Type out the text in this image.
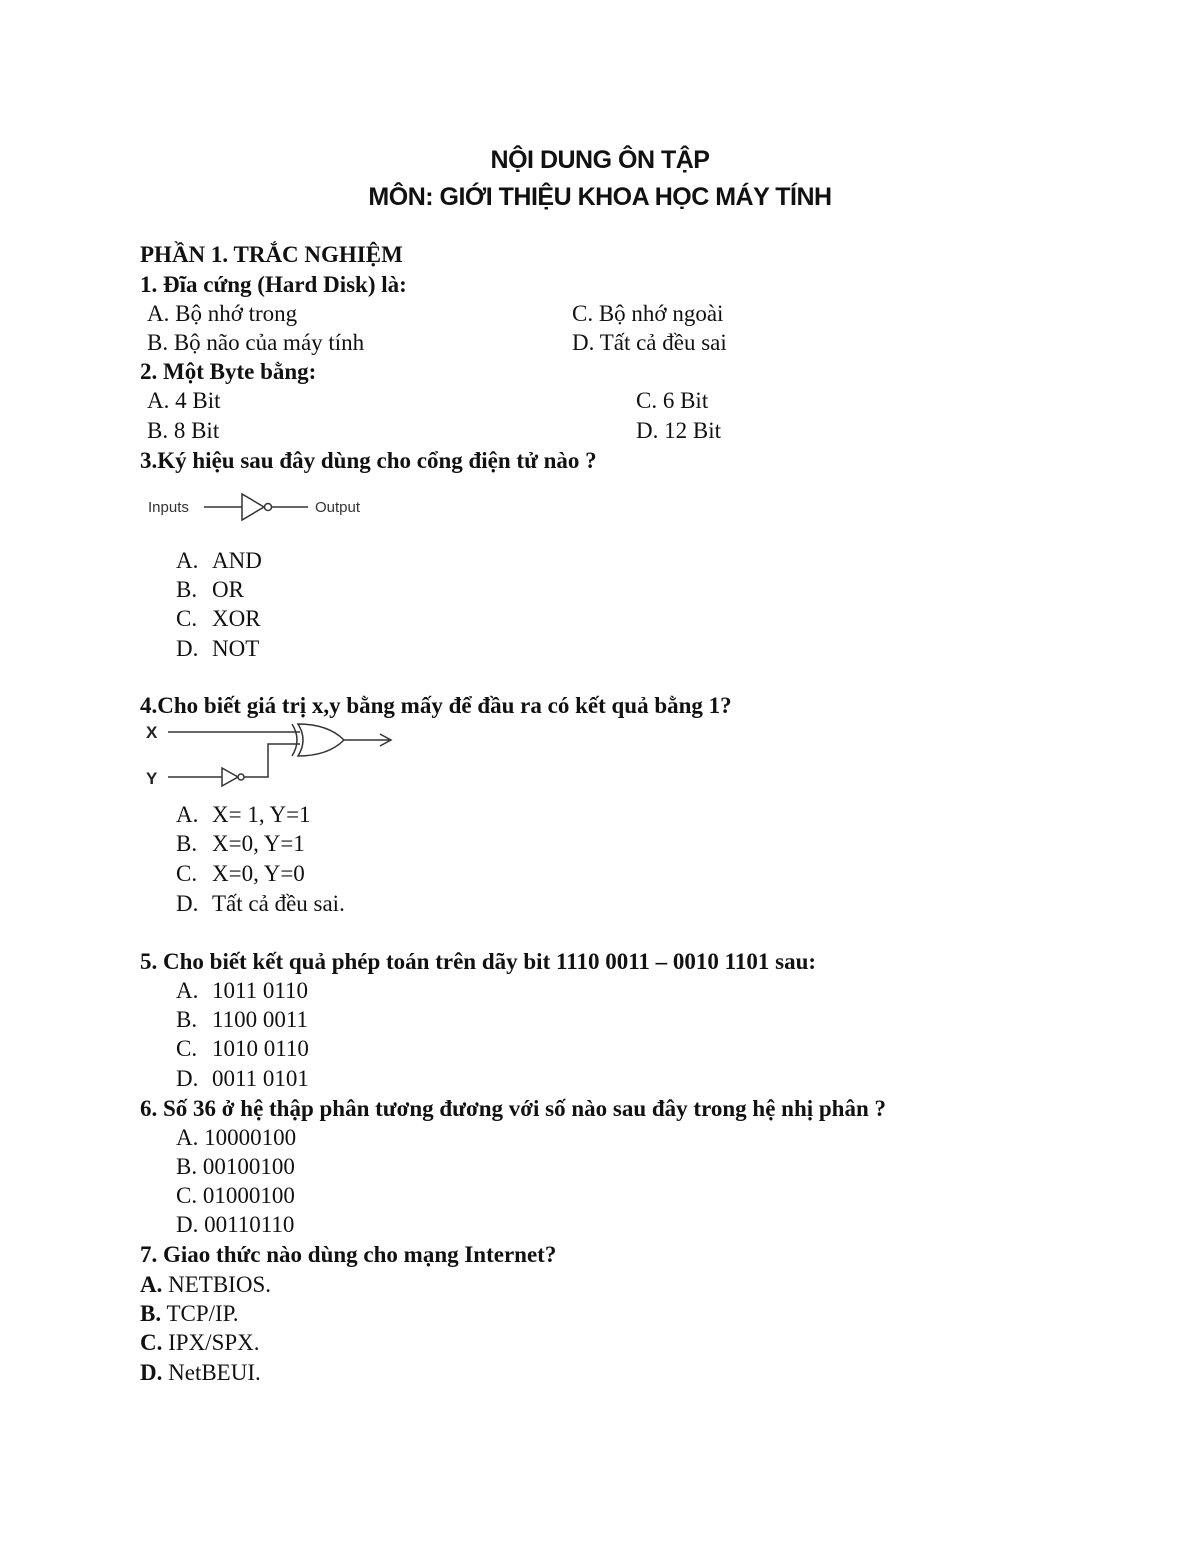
NỘI DUNG ÔN TẬP
MÔN: GIỚI THIỆU KHOA HỌC MÁY TÍNH
PHẦN 1. TRẮC NGHIỆM
1. Đĩa cứng (Hard Disk) là:
A. Bộ nhớ trong	C. Bộ nhớ ngoài
B. Bộ não của máy tính	D. Tất cả đều sai
2. Một Byte bằng:
A. 4 Bit	C. 6 Bit
B. 8 Bit	D. 12 Bit
3.Ký hiệu sau đây dùng cho cổng điện tử nào ?
Inputs	Output
A. AND
B. OR
C. XOR
D. NOT
4.Cho biết giá trị x,y bằng mấy để đầu ra có kết quả bằng 1?
X
Y
A. X= 1, Y=1
B. X=0, Y=1
C. X=0, Y=0
D. Tất cả đều sai.
5. Cho biết kết quả phép toán trên dãy bit 1110 0011 – 0010 1101 sau:
A. 1011 0110
B. 1100 0011
C. 1010 0110
D. 0011 0101
6. Số 36 ở hệ thập phân tương đương với số nào sau đây trong hệ nhị phân ?
A. 10000100
B. 00100100
C. 01000100
D. 00110110
7. Giao thức nào dùng cho mạng Internet?
A. NETBIOS.
B. TCP/IP.
C. IPX/SPX.
D. NetBEUI.
